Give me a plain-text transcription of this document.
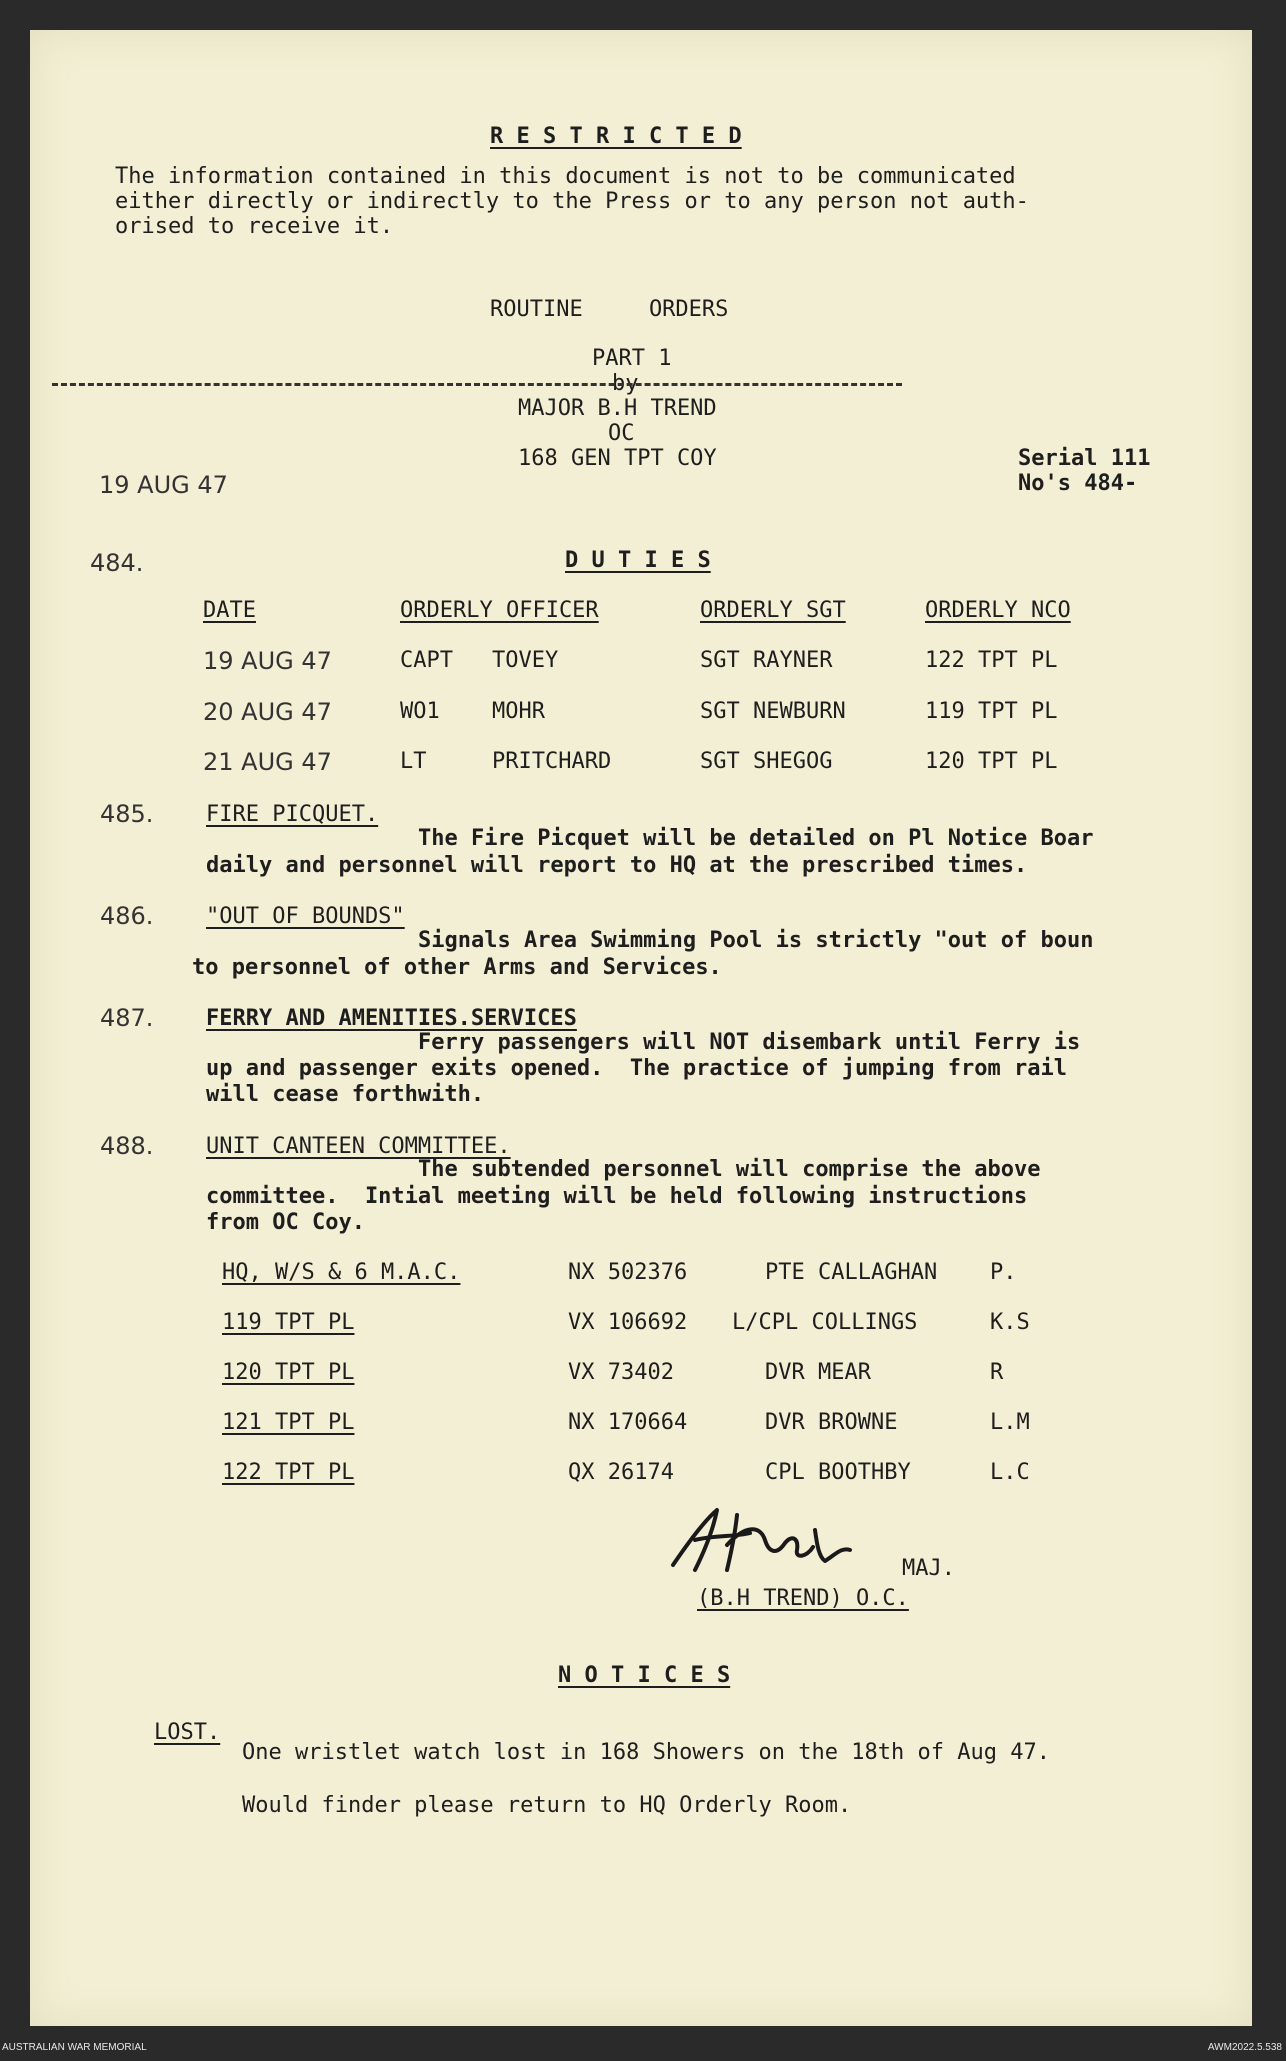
R E S T R I C T E D
The information contained in this document is not to be communicated
either directly or indirectly to the Press or to any person not auth-
orised to receive it.
ROUTINE     ORDERS
PART 1
by
MAJOR B.H TREND
OC
168 GEN TPT COY
19 AUG 47
Serial 111
No's 484-
484.	D U T I E S
DATE	ORDERLY OFFICER	ORDERLY SGT	ORDERLY NCO
19 AUG 47	CAPT TOVEY	SGT RAYNER	122 TPT PL
20 AUG 47	WO1 MOHR	SGT NEWBURN	119 TPT PL
21 AUG 47	LT	PRITCHARD	SGT SHEGOG	120 TPT PL
485. FIRE PICQUET.
The Fire Picquet will be detailed on Pl Notice Boar
daily and personnel will report to HQ at the prescribed times.
486. "OUT OF BOUNDS"
Signals Area Swimming Pool is strictly "out of boun
to personnel of other Arms and Services.
487. FERRY AND AMENITIES.SERVICES
Ferry passengers will NOT disembark until Ferry is
up and passenger exits opened.  The practice of jumping from rail
will cease forthwith.
488. UNIT CANTEEN COMMITTEE.
The subtended personnel will comprise the above
committee.  Intial meeting will be held following instructions
from OC Coy.
HQ, W/S & 6 M.A.C.	NX 502376	PTE CALLAGHAN P.
119 TPT PL	VX 106692 L/CPL COLLINGS	K.S
120 TPT PL	VX 73402	DVR MEAR	R
121 TPT PL	NX 170664	DVR BROWNE	L.M
122 TPT PL	QX 26174	CPL BOOTHBY	L.C
MAJ.
(B.H TREND) O.C.
N O T I C E S
LOST.
One wristlet watch lost in 168 Showers on the 18th of Aug 47.
Would finder please return to HQ Orderly Room.
AUSTRALIAN WAR MEMORIAL	AWM2022.5.538
